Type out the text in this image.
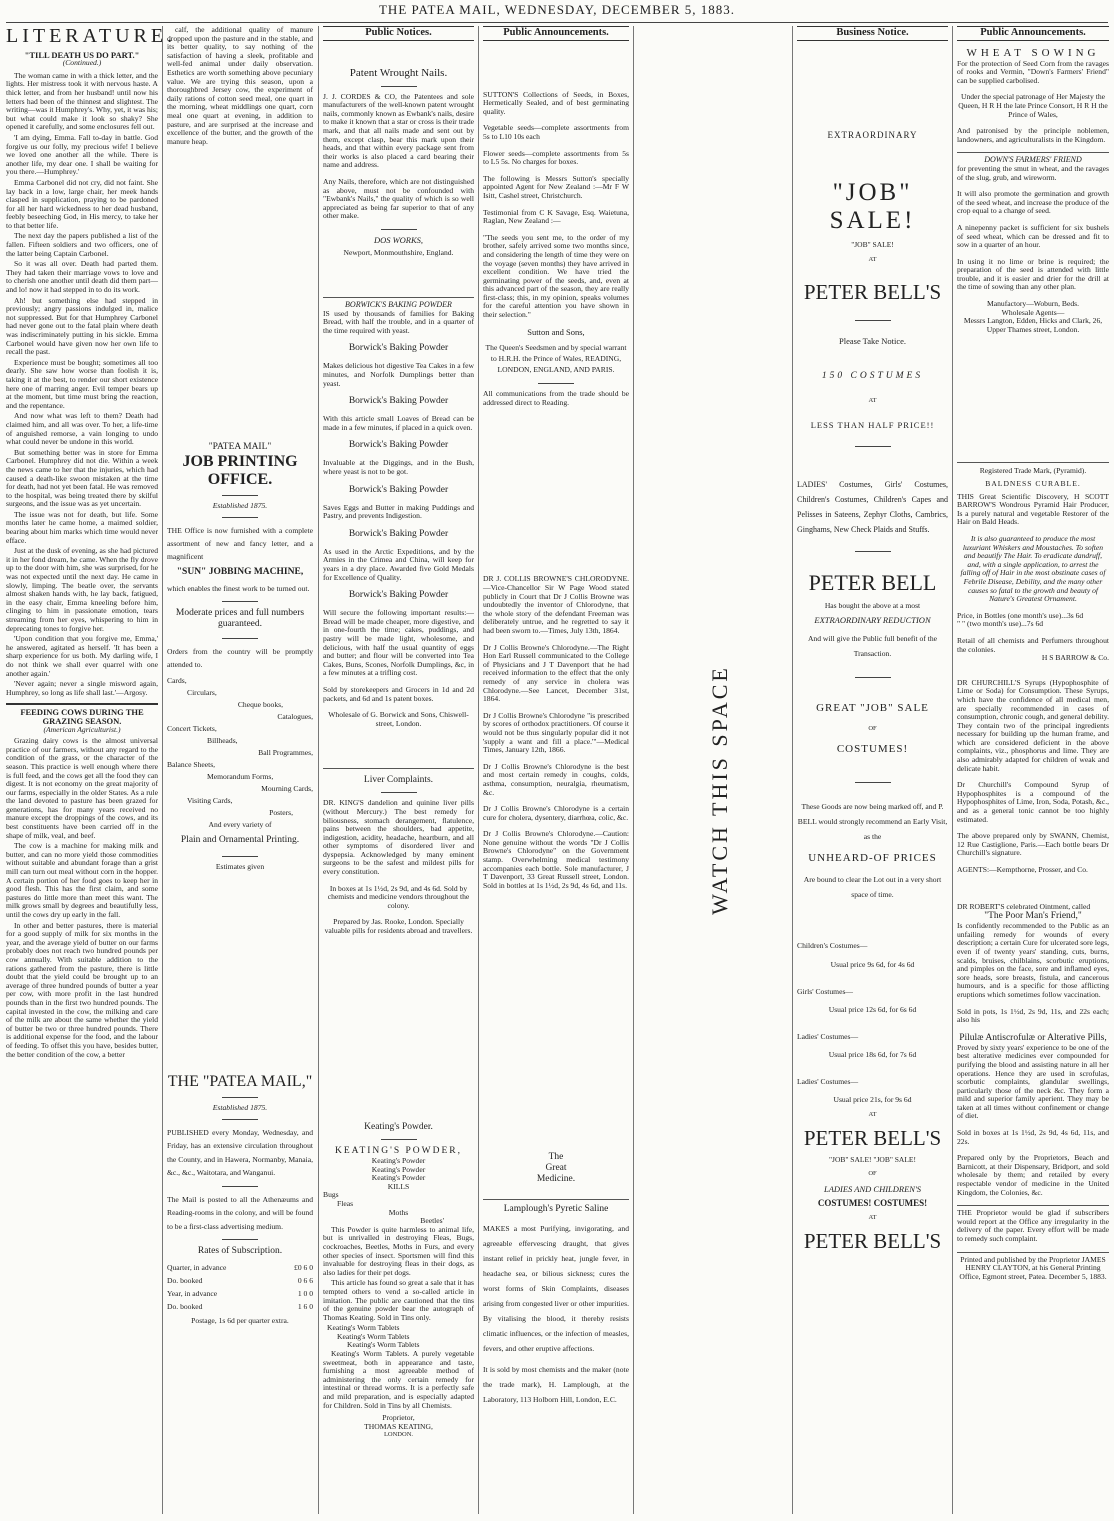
THE PATEA MAIL, WEDNESDAY, DECEMBER 5, 1883.
LITERATURE.
"TILL DEATH US DO PART."
(Continued.)
The woman came in with a thick letter, and the lights. Her mistress took it with nervous haste. A thick letter, and from her husband! until now his letters had been of the thinnest and slightest. The writing—was it Humphrey's. Why, yet, it was his; but what could make it look so shaky? She opened it carefully, and some enclosures fell out.
'I am dying, Emma. Fall to-day in battle. God forgive us our folly, my precious wife! I believe we loved one another all the while. There is another life, my dear one. I shall be waiting for you there.—Humphrey.'
Emma Carbonel did not cry, did not faint. She lay back in a low, large chair, her meek hands clasped in supplication, praying to be pardoned for all her hard wickedness to her dead husband, feebly beseeching God, in His mercy, to take her to that better life.
The next day the papers published a list of the fallen. Fifteen soldiers and two officers, one of the latter being Captain Carbonel.
So it was all over. Death had parted them. They had taken their marriage vows to love and to cherish one another until death did them part—and lo! now it had stepped in to do its work.
Ah! but something else had stepped in previously; angry passions indulged in, malice not suppressed. But for that Humphrey Carbonel had never gone out to the fatal plain where death was indiscriminately putting in his sickle. Emma Carbonel would have given now her own life to recall the past.
Experience must be bought; sometimes all too dearly. She saw how worse than foolish it is, taking it at the best, to render our short existence here one of marring anger. Evil temper bears up at the moment, but time must bring the reaction, and the repentance.
And now what was left to them? Death had claimed him, and all was over. To her, a life-time of anguished remorse, a vain longing to undo what could never be undone in this world.
But something better was in store for Emma Carbonel. Humphrey did not die. Within a week the news came to her that the injuries, which had caused a death-like swoon mistaken at the time for death, had not yet been fatal. He was removed to the hospital, was being treated there by skilful surgeons, and the issue was as yet uncertain.
The issue was not for death, but life. Some months later he came home, a maimed soldier, bearing about him marks which time would never efface.
Just at the dusk of evening, as she had pictured it in her fond dream, he came. When the fly drove up to the door with him, she was surprised, for he was not expected until the next day. He came in slowly, limping. The beatle over, the servants almost shaken hands with, he lay back, fatigued, in the easy chair, Emma kneeling before him, clinging to him in passionate emotion, tears streaming from her eyes, whispering to him in deprecating tones to forgive her.
'Upon condition that you forgive me, Emma,' he answered, agitated as herself. 'It has been a sharp experience for us both. My darling wife, I do not think we shall ever quarrel with one another again.'
'Never again; never a single misword again, Humphrey, so long as life shall last.'—Argosy.
FEEDING COWS DURING THE GRAZING SEASON.
(American Agriculturist.)
Grazing dairy cows is the almost universal practice of our farmers, without any regard to the condition of the grass, or the character of the season. This practice is well enough where there is full feed, and the cows get all the food they can digest. It is not economy on the great majority of our farms, especially in the older States. As a rule the land devoted to pasture has been grazed for generations, has for many years received no manure except the droppings of the cows, and its best constituents have been carried off in the shape of milk, veal, and beef.
The cow is a machine for making milk and butter, and can no more yield those commodities without suitable and abundant forage than a grist mill can turn out meal without corn in the hopper. A certain portion of her food goes to keep her in good flesh. This has the first claim, and some pastures do little more than meet this want. The milk grows small by degrees and beautifully less, until the cows dry up early in the fall.
In other and better pastures, there is material for a good supply of milk for six months in the year, and the average yield of butter on our farms probably does not reach two hundred pounds per cow annually. With suitable addition to the rations gathered from the pasture, there is little doubt that the yield could be brought up to an average of three hundred pounds of butter a year per cow, with more profit in the last hundred pounds than in the first two hundred pounds. The capital invested in the cow, the milking and care of the milk are about the same whether the yield of butter be two or three hundred pounds. There is additional expense for the food, and the labour of feeding. To offset this you have, besides butter, the better condition of the cow, a better
calf, the additional quality of manure dropped upon the pasture and in the stable, and its better quality, to say nothing of the satisfaction of having a sleek, profitable and well-fed animal under daily observation. Esthetics are worth something above pecuniary value. We are trying this season, upon a thoroughbred Jersey cow, the experiment of daily rations of cotton seed meal, one quart in the morning, wheat middlings one quart, corn meal one quart at evening, in addition to pasture, and are surprised at the increase and excellence of the butter, and the growth of the manure heap.
"PATEA MAIL"
JOB PRINTING OFFICE.
Established 1875.
THE Office is now furnished with a complete assortment of new and fancy letter, and a magnificent
"SUN" JOBBING MACHINE,
which enables the finest work to be turned out.
Moderate prices and full numbers guaranteed.
Orders from the country will be promptly attended to.
Cards,
Circulars,
Cheque books,
Catalogues,
Concert Tickets,
Billheads,
Ball Programmes,
Balance Sheets,
Memorandum Forms,
Mourning Cards,
Visiting Cards,
Posters,
And every variety of
Plain and Ornamental Printing.
Estimates given
THE "PATEA MAIL,"
Established 1875.
PUBLISHED every Monday, Wednesday, and Friday, has an extensive circulation throughout the County, and in Hawera, Normanby, Manaia, &c., &c., Waitotara, and Wanganui.
The Mail is posted to all the Athenæums and Reading-rooms in the colony, and will be found to be a first-class advertising medium.
Rates of Subscription.
Quarter, in advance	£0 6 0
Do. booked	0 6 6
Year, in advance	1 0 0
Do. booked	1 6 0
Postage, 1s 6d per quarter extra.
Public Notices.
Patent Wrought Nails.
J. J. CORDES & CO, the Patentees and sole manufacturers of the well-known patent wrought nails, commonly known as Ewbank's nails, desire to make it known that a star or cross is their trade mark, and that all nails made and sent out by them, except clasp, bear this mark upon their heads, and that within every package sent from their works is also placed a card bearing their name and address.
Any Nails, therefore, which are not distinguished as above, must not be confounded with "Ewbank's Nails," the quality of which is so well appreciated as being far superior to that of any other make.
DOS WORKS,
Newport, Monmouthshire, England.
BORWICK'S BAKING POWDER
IS used by thousands of families for Baking Bread, with half the trouble, and in a quarter of the time required with yeast.
Borwick's Baking Powder
Makes delicious hot digestive Tea Cakes in a few minutes, and Norfolk Dumplings better than yeast.
Borwick's Baking Powder
With this article small Loaves of Bread can be made in a few minutes, if placed in a quick oven.
Borwick's Baking Powder
Invaluable at the Diggings, and in the Bush, where yeast is not to be got.
Borwick's Baking Powder
Saves Eggs and Butter in making Puddings and Pastry, and prevents Indigestion.
Borwick's Baking Powder
As used in the Arctic Expeditions, and by the Armies in the Crimea and China, will keep for years in a dry place. Awarded five Gold Medals for Excellence of Quality.
Borwick's Baking Powder
Will secure the following important results:—Bread will be made cheaper, more digestive, and in one-fourth the time; cakes, puddings, and pastry will be made light, wholesome, and delicious, with half the usual quantity of eggs and butter; and flour will be converted into Tea Cakes, Buns, Scones, Norfolk Dumplings, &c, in a few minutes at a trifling cost.
Sold by storekeepers and Grocers in 1d and 2d packets, and 6d and 1s patent boxes.
Wholesale of G. Borwick and Sons, Chiswell-street, London.
Liver Complaints.
DR. KING'S dandelion and quinine liver pills (without Mercury.) The best remedy for biliousness, stomach derangement, flatulence, pains between the shoulders, bad appetite, indigestion, acidity, headache, heartburn, and all other symptoms of disordered liver and dyspepsia. Acknowledged by many eminent surgeons to be the safest and mildest pills for every constitution.
In boxes at 1s 1½d, 2s 9d, and 4s 6d. Sold by chemists and medicine vendors throughout the colony.
Prepared by Jas. Rooke, London. Specially valuable pills for residents abroad and travellers.
Keating's Powder.
KEATING'S POWDER,
Keating's Powder
Keating's Powder
Keating's Powder
KILLS
Bugs
Fleas
Moths
Beetles'
This Powder is quite harmless to animal life, but is unrivalled in destroying Fleas, Bugs, cockroaches, Beetles, Moths in Furs, and every other species of insect. Sportsmen will find this invaluable for destroying fleas in their dogs, as also ladies for their pet dogs.
This article has found so great a sale that it has tempted others to vend a so-called article in imitation. The public are cautioned that the tins of the genuine powder bear the autograph of Thomas Keating. Sold in Tins only.
Keating's Worm Tablets
Keating's Worm Tablets
Keating's Worm Tablets
Keating's Worm Tablets. A purely vegetable sweetmeat, both in appearance and taste, furnishing a most agreeable method of administering the only certain remedy for intestinal or thread worms. It is a perfectly safe and mild preparation, and is especially adapted for Children. Sold in Tins by all Chemists.
Proprietor,
THOMAS KEATING,
LONDON.
Public Announcements.
SUTTON'S Collections of Seeds, in Boxes, Hermetically Sealed, and of best germinating quality.
Vegetable seeds—complete assortments from 5s to L10 10s each
Flower seeds—complete assortments from 5s to L5 5s. No charges for boxes.
The following is Messrs Sutton's specially appointed Agent for New Zealand :—Mr F W Isitt, Cashel street, Christchurch.
Testimonial from C K Savage, Esq. Waietuna, Raglan, New Zealand :—
"The seeds you sent me, to the order of my brother, safely arrived some two months since, and considering the length of time they were on the voyage (seven months) they have arrived in excellent condition. We have tried the germinating power of the seeds, and, even at this advanced part of the season, they are really first-class; this, in my opinion, speaks volumes for the careful attention you have shown in their selection."
Sutton and Sons,
The Queen's Seedsmen and by special warrant to H.R.H. the Prince of Wales, READING, LONDON, ENGLAND, AND PARIS.
All communications from the trade should be addressed direct to Reading.
DR J. COLLIS BROWNE'S CHLORODYNE.—Vice-Chancellor Sir W Page Wood stated publicly in Court that Dr J Collis Browne was undoubtedly the inventor of Chlorodyne, that the whole story of the defendant Freeman was deliberately untrue, and he regretted to say it had been sworn to.—Times, July 13th, 1864.
Dr J Collis Browne's Chlorodyne.—The Right Hon Earl Russell communicated to the College of Physicians and J T Davenport that he had received information to the effect that the only remedy of any service in cholera was Chlorodyne.—See Lancet, December 31st, 1864.
Dr J Collis Browne's Chlorodyne "is prescribed by scores of orthodox practitioners. Of course it would not be thus singularly popular did it not 'supply a want and fill a place.'"—Medical Times, January 12th, 1866.
Dr J Collis Browne's Chlorodyne is the best and most certain remedy in coughs, colds, asthma, consumption, neuralgia, rheumatism, &c.
Dr J Collis Browne's Chlorodyne is a certain cure for cholera, dysentery, diarrhœa, colic, &c.
Dr J Collis Browne's Chlorodyne.—Caution: None genuine without the words "Dr J Collis Browne's Chlorodyne" on the Government stamp. Overwhelming medical testimony accompanies each bottle. Sole manufacturer, J T Davenport, 33 Great Russell street, London. Sold in bottles at 1s 1½d, 2s 9d, 4s 6d, and 11s.
The
Great
Medicine.
Lamplough's Pyretic Saline
MAKES a most Purifying, invigorating, and agreeable effervescing draught, that gives instant relief in prickly heat, jungle fever, in headache sea, or bilious sickness; cures the worst forms of Skin Complaints, diseases arising from congested liver or other impurities. By vitalising the blood, it thereby resists climatic influences, or the infection of measles, fevers, and other eruptive affections.
It is sold by most chemists and the maker (note the trade mark), H. Lamplough, at the Laboratory, 113 Holborn Hill, London, E.C.
WATCH THIS SPACE
Business Notice.
EXTRAORDINARY
"JOB" SALE!
"JOB" SALE!
AT
PETER BELL'S
Please Take Notice.
150 COSTUMES
AT
LESS THAN HALF PRICE!!
LADIES' Costumes, Girls' Costumes, Children's Costumes, Children's Capes and Pelisses in Sateens, Zephyr Cloths, Cambrics, Ginghams, New Check Plaids and Stuffs.
PETER BELL
Has bought the above at a most
EXTRAORDINARY REDUCTION
And will give the Public full benefit of the Transaction.
GREAT "JOB" SALE
OF
COSTUMES!
These Goods are now being marked off, and P. BELL would strongly recommend an Early Visit, as the
UNHEARD-OF PRICES
Are bound to clear the Lot out in a very short space of time.
Children's Costumes—
Usual price 9s 6d, for 4s 6d
Girls' Costumes—
Usual price 12s 6d, for 6s 6d
Ladies' Costumes—
Usual price 18s 6d, for 7s 6d
Ladies' Costumes—
Usual price 21s, for 9s 6d
AT
PETER BELL'S
"JOB" SALE! "JOB" SALE!
OF
LADIES AND CHILDREN'S
COSTUMES! COSTUMES!
AT
PETER BELL'S
Public Announcements.
WHEAT SOWING
For the protection of Seed Corn from the ravages of rooks and Vermin, "Down's Farmers' Friend" can be supplied carbolised.
Under the special patronage of Her Majesty the Queen, H R H the late Prince Consort, H R H the Prince of Wales,
And patronised by the principle noblemen, landowners, and agriculturalists in the Kingdom.
DOWN'S FARMERS' FRIEND
for preventing the smut in wheat, and the ravages of the slug, grub, and wireworm.
It will also promote the germination and growth of the seed wheat, and increase the produce of the crop equal to a change of seed.
A ninepenny packet is sufficient for six bushels of seed wheat, which can be dressed and fit to sow in a quarter of an hour.
In using it no lime or brine is required; the preparation of the seed is attended with little trouble, and it is easier and drier for the drill at the time of sowing than any other plan.
Manufactory—Woburn, Beds.
Wholesale Agents—
Messrs Langton, Edden, Hicks and Clark, 26, Upper Thames street, London.
Registered Trade Mark, (Pyramid).
BALDNESS CURABLE.
THIS Great Scientific Discovery, H SCOTT BARROW'S Wondrous Pyramid Hair Producer, Is a purely natural and vegetable Restorer of the Hair on Bald Heads.
It is also guaranteed to produce the most luxuriant Whiskers and Moustaches. To soften and beautify The Hair. To eradicate dandruff, and, with a single application, to arrest the falling off of Hair in the most obstinate cases of Febrile Disease, Debility, and the many other causes so fatal to the growth and beauty of Nature's Greatest Ornament.
Price, in Bottles (one month's use)...3s 6d
" " (two month's use)...7s 6d
Retail of all chemists and Perfumers throughout the colonies.
H S BARROW & Co.
DR CHURCHILL'S Syrups (Hypophosphite of Lime or Soda) for Consumption. These Syrups, which have the confidence of all medical men, are specially recommended in cases of consumption, chronic cough, and general debility. They contain two of the principal ingredients necessary for building up the human frame, and which are considered deficient in the above complaints, viz., phosphorus and lime. They are also admirably adapted for children of weak and delicate habit.
Dr Churchill's Compound Syrup of Hypophosphites is a compound of the Hypophosphites of Lime, Iron, Soda, Potash, &c., and as a general tonic cannot be too highly estimated.
The above prepared only by SWANN, Chemist, 12 Rue Castiglione, Paris.—Each bottle bears Dr Churchill's signature.
AGENTS:—Kempthorne, Prosser, and Co.
DR ROBERT'S celebrated Ointment, called
"The Poor Man's Friend,"
Is confidently recommended to the Public as an unfailing remedy for wounds of every description; a certain Cure for ulcerated sore legs, even if of twenty years' standing, cuts, burns, scalds, bruises, chilblains, scorbutic eruptions, and pimples on the face, sore and inflamed eyes, sore heads, sore breasts, fistula, and cancerous humours, and is a specific for those afflicting eruptions which sometimes follow vaccination.
Sold in pots, 1s 1½d, 2s 9d, 11s, and 22s each; also his
Pilulæ Antiscrofulæ or Alterative Pills,
Proved by sixty years' experience to be one of the best alterative medicines ever compounded for purifying the blood and assisting nature in all her operations. Hence they are used in scrofulas, scorbutic complaints, glandular swellings, particularly those of the neck &c. They form a mild and superior family aperient. They may be taken at all times without confinement or change of diet.
Sold in boxes at 1s 1½d, 2s 9d, 4s 6d, 11s, and 22s.
Prepared only by the Proprietors, Beach and Barnicott, at their Dispensary, Bridport, and sold wholesale by them; and retailed by every respectable vendor of medicine in the United Kingdom, the Colonies, &c.
THE Proprietor would be glad if subscribers would report at the Office any irregularity in the delivery of the paper. Every effort will be made to remedy such complaint.
Printed and published by the Proprietor JAMES HENRY CLAYTON, at his General Printing Office, Egmont street, Patea. December 5, 1883.
